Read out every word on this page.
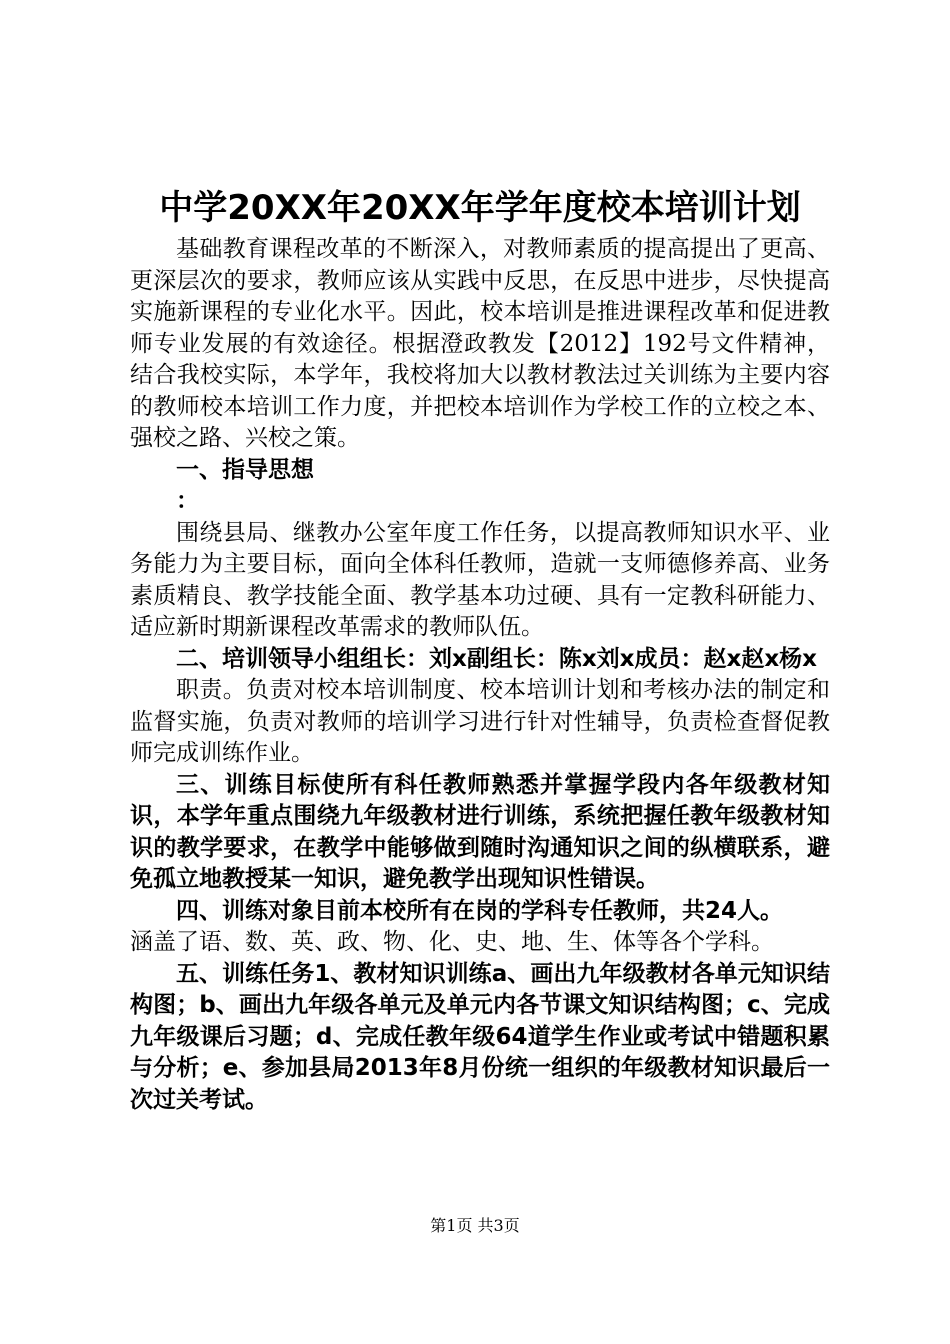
中学20XX年20XX年学年度校本培训计划

基础教育课程改革的不断深入，对教师素质的提高提出了更高、更深层次的要求，教师应该从实践中反思，在反思中进步，尽快提高实施新课程的专业化水平。因此，校本培训是推进课程改革和促进教师专业发展的有效途径。根据澄政教发【2012】192号文件精神，结合我校实际，本学年，我校将加大以教材教法过关训练为主要内容的教师校本培训工作力度，并把校本培训作为学校工作的立校之本、强校之路、兴校之策。

一、指导思想

：

围绕县局、继教办公室年度工作任务，以提高教师知识水平、业务能力为主要目标，面向全体科任教师，造就一支师德修养高、业务素质精良、教学技能全面、教学基本功过硬、具有一定教科研能力、适应新时期新课程改革需求的教师队伍。

二、培训领导小组组长：刘x副组长：陈x刘x成员：赵x赵x杨x

职责。负责对校本培训制度、校本培训计划和考核办法的制定和监督实施，负责对教师的培训学习进行针对性辅导，负责检查督促教师完成训练作业。

三、训练目标使所有科任教师熟悉并掌握学段内各年级教材知识，本学年重点围绕九年级教材进行训练，系统把握任教年级教材知识的教学要求，在教学中能够做到随时沟通知识之间的纵横联系，避免孤立地教授某一知识，避免教学出现知识性错误。

四、训练对象目前本校所有在岗的学科专任教师，共24人。

涵盖了语、数、英、政、物、化、史、地、生、体等各个学科。

五、训练任务1、教材知识训练a、画出九年级教材各单元知识结构图；b、画出九年级各单元及单元内各节课文知识结构图；c、完成九年级课后习题；d、完成任教年级64道学生作业或考试中错题积累与分析；e、参加县局2013年8月份统一组织的年级教材知识最后一次过关考试。

第1页 共3页
